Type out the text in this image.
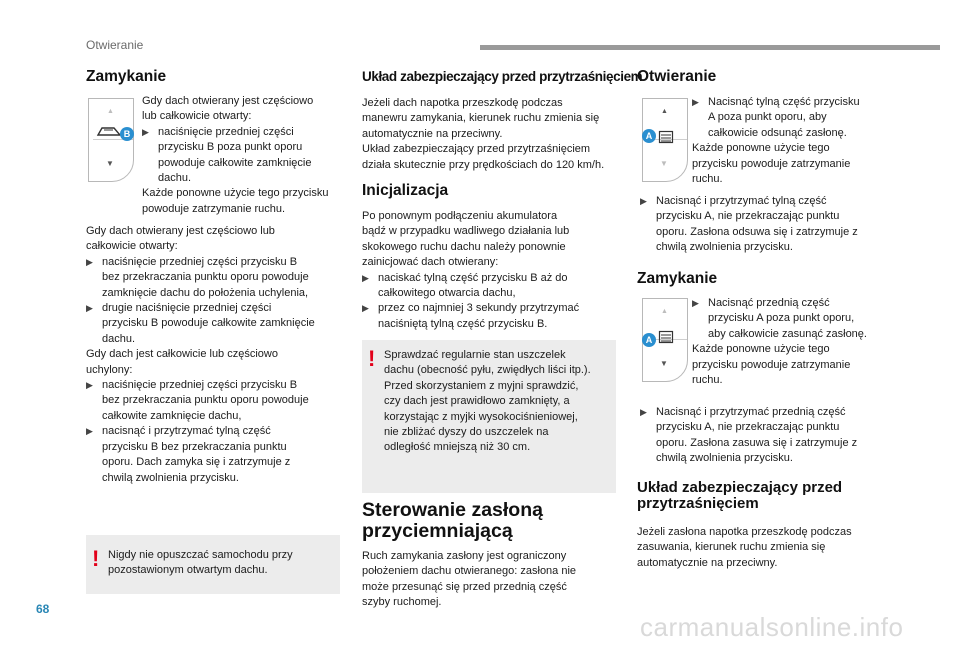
Otwieranie
Zamykanie
▲
▼
B
Gdy dach otwierany jest częściowo
lub całkowicie otwarty:
▶ naciśnięcie przedniej części
przycisku B poza punkt oporu
powoduje całkowite zamknięcie
dachu.
Każde ponowne użycie tego przycisku
powoduje zatrzymanie ruchu.
Gdy dach otwierany jest częściowo lub
całkowicie otwarty:
▶ naciśnięcie przedniej części przycisku B
bez przekraczania punktu oporu powoduje
zamknięcie dachu do położenia uchylenia,
▶ drugie naciśnięcie przedniej części
przycisku B powoduje całkowite zamknięcie
dachu.
Gdy dach jest całkowicie lub częściowo
uchylony:
▶ naciśnięcie przedniej części przycisku B
bez przekraczania punktu oporu powoduje
całkowite zamknięcie dachu,
▶ nacisnąć i przytrzymać tylną część
przycisku B bez przekraczania punktu
oporu. Dach zamyka się i zatrzymuje z
chwilą zwolnienia przycisku.
! Nigdy nie opuszczać samochodu przy
pozostawionym otwartym dachu.
Układ zabezpieczający przed przytrzaśnięciem
Jeżeli dach napotka przeszkodę podczas
manewru zamykania, kierunek ruchu zmienia się
automatycznie na przeciwny.
Układ zabezpieczający przed przytrzaśnięciem
działa skutecznie przy prędkościach do 120 km/h.
Inicjalizacja
Po ponownym podłączeniu akumulatora
bądź w przypadku wadliwego działania lub
skokowego ruchu dachu należy ponownie
zainicjować dach otwierany:
▶ naciskać tylną część przycisku B aż do
całkowitego otwarcia dachu,
▶ przez co najmniej 3 sekundy przytrzymać
naciśniętą tylną część przycisku B.
! Sprawdzać regularnie stan uszczelek
dachu (obecność pyłu, zwiędłych liści itp.).
Przed skorzystaniem z myjni sprawdzić,
czy dach jest prawidłowo zamknięty, a
korzystając z myjki wysokociśnieniowej,
nie zbliżać dyszy do uszczelek na
odległość mniejszą niż 30 cm.
Sterowanie zasłoną
przyciemniającą
Ruch zamykania zasłony jest ograniczony
położeniem dachu otwieranego: zasłona nie
może przesunąć się przed przednią część
szyby ruchomej.
Otwieranie
▲
▼
A
▶ Nacisnąć tylną część przycisku
A poza punkt oporu, aby
całkowicie odsunąć zasłonę.
Każde ponowne użycie tego
przycisku powoduje zatrzymanie
ruchu.
▶ Nacisnąć i przytrzymać tylną część
przycisku A, nie przekraczając punktu
oporu. Zasłona odsuwa się i zatrzymuje z
chwilą zwolnienia przycisku.
Zamykanie
▲
▼
A
▶ Nacisnąć przednią część
przycisku A poza punkt oporu,
aby całkowicie zasunąć zasłonę.
Każde ponowne użycie tego
przycisku powoduje zatrzymanie
ruchu.
▶ Nacisnąć i przytrzymać przednią część
przycisku A, nie przekraczając punktu
oporu. Zasłona zasuwa się i zatrzymuje z
chwilą zwolnienia przycisku.
Układ zabezpieczający przed
przytrzaśnięciem
Jeżeli zasłona napotka przeszkodę podczas
zasuwania, kierunek ruchu zmienia się
automatycznie na przeciwny.
68
carmanualsonline.info
